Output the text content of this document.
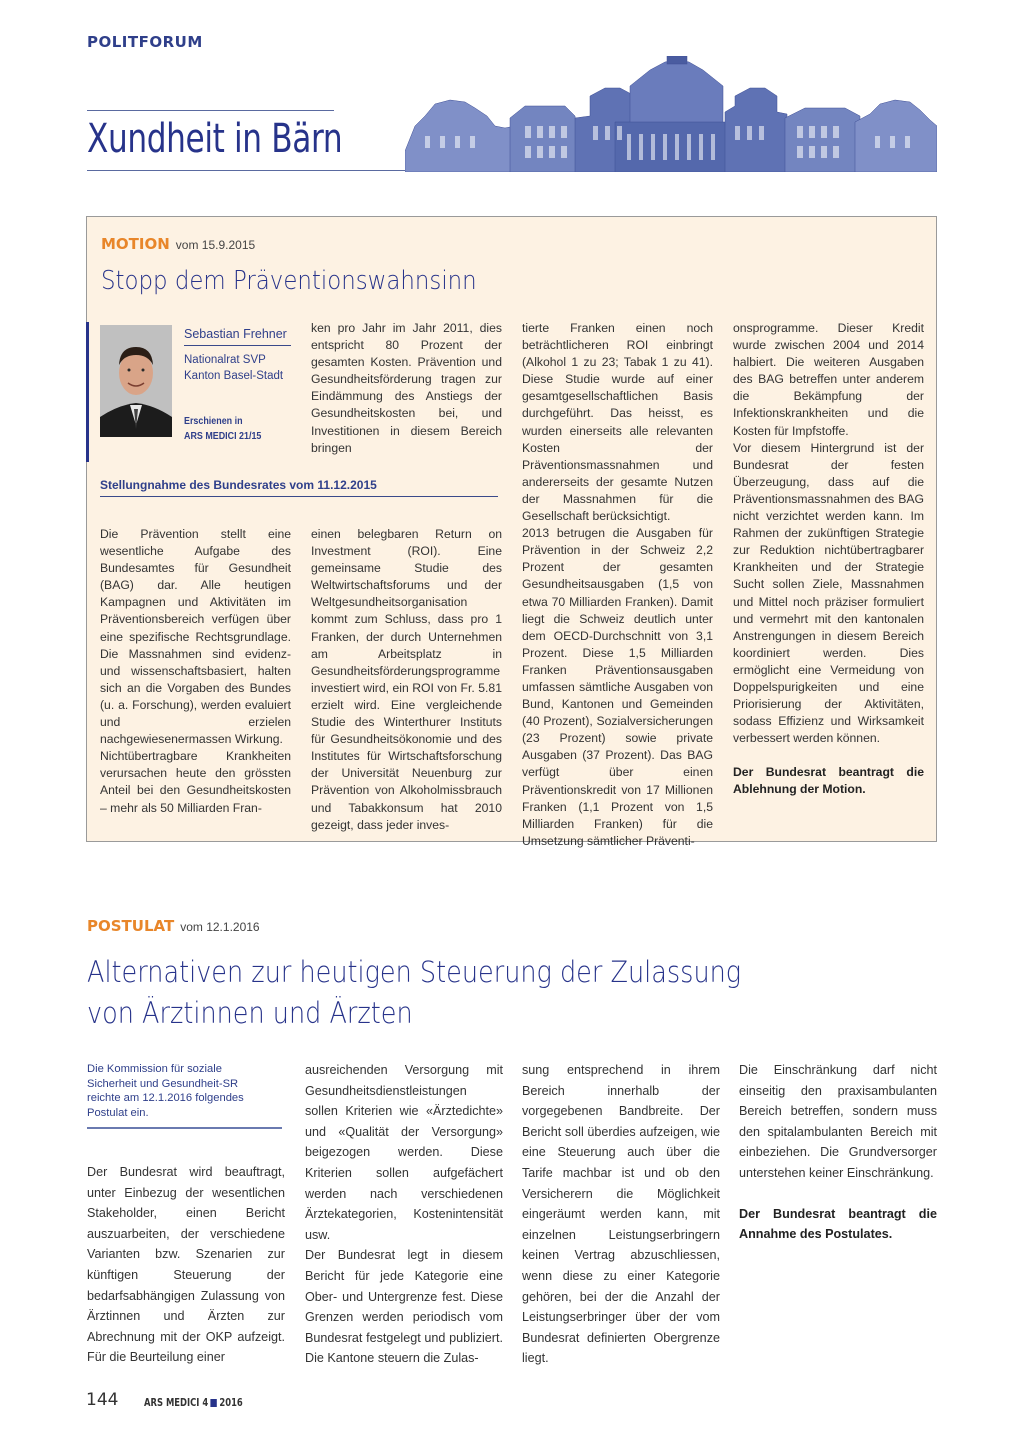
POLITFORUM
Xundheit in Bärn
MOTION vom 15.9.2015
Stopp dem Präventionswahnsinn
Sebastian Frehner
Nationalrat SVP
Kanton Basel-Stadt
Erschienen in
ARS MEDICI 21/15

ken pro Jahr im Jahr 2011, dies entspricht 80 Prozent der gesamten Kosten. Prävention und Gesundheitsförderung tragen zur Eindämmung des Anstiegs der Gesundheitskosten bei, und Investitionen in diesem Bereich bringen

Stellungnahme des Bundesrates vom 11.12.2015

Die Prävention stellt eine wesentliche Aufgabe des Bundesamtes für Gesundheit (BAG) dar. Alle heutigen Kampagnen und Aktivitäten im Präventionsbereich verfügen über eine spezifische Rechtsgrundlage. Die Massnahmen sind evidenz- und wissenschaftsbasiert, halten sich an die Vorgaben des Bundes (u. a. Forschung), werden evaluiert und erzielen nachgewiesenermassen Wirkung.

Nichtübertragbare Krankheiten verursachen heute den grössten Anteil bei den Gesundheitskosten – mehr als 50 Milliarden Fran-

einen belegbaren Return on Investment (ROI). Eine gemeinsame Studie des Weltwirtschaftsforums und der Weltgesundheitsorganisation kommt zum Schluss, dass pro 1 Franken, der durch Unternehmen am Arbeitsplatz in Gesundheitsförderungsprogramme investiert wird, ein ROI von Fr. 5.81 erzielt wird. Eine vergleichende Studie des Winterthurer Instituts für Gesundheitsökonomie und des Institutes für Wirtschaftsforschung der Universität Neuenburg zur Prävention von Alkoholmissbrauch und Tabakkonsum hat 2010 gezeigt, dass jeder inves-

tierte Franken einen noch beträchtlicheren ROI einbringt (Alkohol 1 zu 23; Tabak 1 zu 41). Diese Studie wurde auf einer gesamtgesellschaftlichen Basis durchgeführt. Das heisst, es wurden einerseits alle relevanten Kosten der Präventionsmassnahmen und andererseits der gesamte Nutzen der Massnahmen für die Gesellschaft berücksichtigt.

2013 betrugen die Ausgaben für Prävention in der Schweiz 2,2 Prozent der gesamten Gesundheitsausgaben (1,5 von etwa 70 Milliarden Franken). Damit liegt die Schweiz deutlich unter dem OECD-Durchschnitt von 3,1 Prozent. Diese 1,5 Milliarden Franken Präventionsausgaben umfassen sämtliche Ausgaben von Bund, Kantonen und Gemeinden (40 Prozent), Sozialversicherungen (23 Prozent) sowie private Ausgaben (37 Prozent). Das BAG verfügt über einen Präventionskredit von 17 Millionen Franken (1,1 Prozent von 1,5 Milliarden Franken) für die Umsetzung sämtlicher Präventi-

onsprogramme. Dieser Kredit wurde zwischen 2004 und 2014 halbiert. Die weiteren Ausgaben des BAG betreffen unter anderem die Bekämpfung der Infektionskrankheiten und die Kosten für Impfstoffe.

Vor diesem Hintergrund ist der Bundesrat der festen Überzeugung, dass auf die Präventionsmassnahmen des BAG nicht verzichtet werden kann. Im Rahmen der zukünftigen Strategie zur Reduktion nichtübertragbarer Krankheiten und der Strategie Sucht sollen Ziele, Massnahmen und Mittel noch präziser formuliert und vermehrt mit den kantonalen Anstrengungen in diesem Bereich koordiniert werden. Dies ermöglicht eine Vermeidung von Doppelspurigkeiten und eine Priorisierung der Aktivitäten, sodass Effizienz und Wirksamkeit verbessert werden können.

Der Bundesrat beantragt die Ablehnung der Motion.

POSTULAT vom 12.1.2016
Alternativen zur heutigen Steuerung der Zulassung
von Ärztinnen und Ärzten
Die Kommission für soziale Sicherheit und Gesundheit-SR reichte am 12.1.2016 folgendes Postulat ein.

Der Bundesrat wird beauftragt, unter Einbezug der wesentlichen Stakeholder, einen Bericht auszuarbeiten, der verschiedene Varianten bzw. Szenarien zur künftigen Steuerung der bedarfsabhängigen Zulassung von Ärztinnen und Ärzten zur Abrechnung mit der OKP aufzeigt. Für die Beurteilung einer

ausreichenden Versorgung mit Gesundheitsdienstleistungen sollen Kriterien wie «Ärztedichte» und «Qualität der Versorgung» beigezogen werden. Diese Kriterien sollen aufgefächert werden nach verschiedenen Ärztekategorien, Kostenintensität usw.

Der Bundesrat legt in diesem Bericht für jede Kategorie eine Ober- und Untergrenze fest. Diese Grenzen werden periodisch vom Bundesrat festgelegt und publiziert. Die Kantone steuern die Zulas-

sung entsprechend in ihrem Bereich innerhalb der vorgegebenen Bandbreite. Der Bericht soll überdies aufzeigen, wie eine Steuerung auch über die Tarife machbar ist und ob den Versicherern die Möglichkeit eingeräumt werden kann, mit einzelnen Leistungserbringern keinen Vertrag abzuschliessen, wenn diese zu einer Kategorie gehören, bei der die Anzahl der Leistungserbringer über der vom Bundesrat definierten Obergrenze liegt.

Die Einschränkung darf nicht einseitig den praxisambulanten Bereich betreffen, sondern muss den spitalambulanten Bereich mit einbeziehen. Die Grundversorger unterstehen keiner Einschränkung.

Der Bundesrat beantragt die Annahme des Postulates.

144 ARS MEDICI 4 2016
